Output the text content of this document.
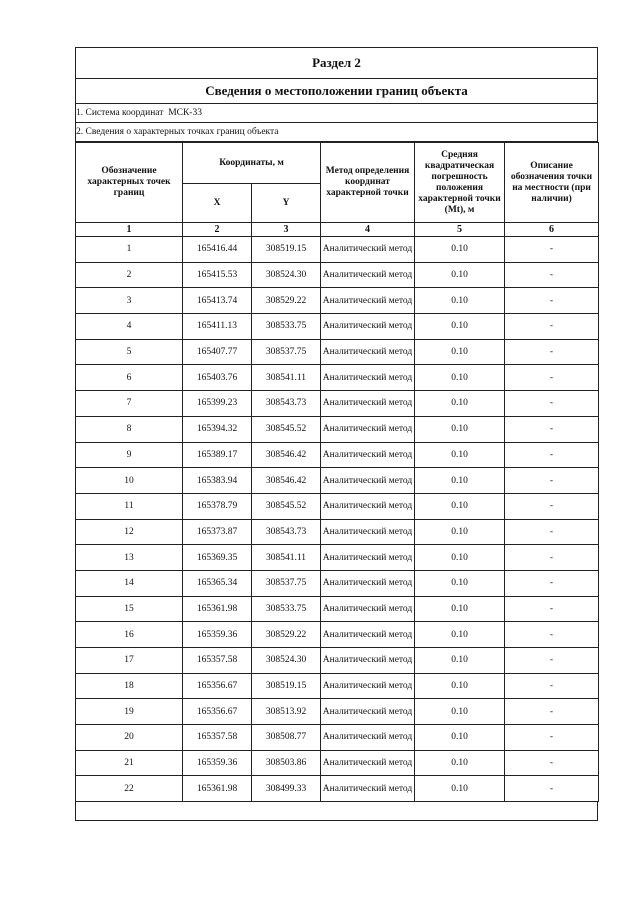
Раздел 2
Сведения о местоположении границ объекта
1. Система координат МСК-33
2. Сведения о характерных точках границ объекта
Обозначение характерных точек границ	Координаты, м		Метод определения координат характерной точки	Средняя квадратическая погрешность положения характерной точки (Mt), м	Описание обозначения точки на местности (при наличии)
	X	Y			
1	2	3	4	5	6
1	165416.44	308519.15	Аналитический метод	0.10	-
2	165415.53	308524.30	Аналитический метод	0.10	-
3	165413.74	308529.22	Аналитический метод	0.10	-
4	165411.13	308533.75	Аналитический метод	0.10	-
5	165407.77	308537.75	Аналитический метод	0.10	-
6	165403.76	308541.11	Аналитический метод	0.10	-
7	165399.23	308543.73	Аналитический метод	0.10	-
8	165394.32	308545.52	Аналитический метод	0.10	-
9	165389.17	308546.42	Аналитический метод	0.10	-
10	165383.94	308546.42	Аналитический метод	0.10	-
11	165378.79	308545.52	Аналитический метод	0.10	-
12	165373.87	308543.73	Аналитический метод	0.10	-
13	165369.35	308541.11	Аналитический метод	0.10	-
14	165365.34	308537.75	Аналитический метод	0.10	-
15	165361.98	308533.75	Аналитический метод	0.10	-
16	165359.36	308529.22	Аналитический метод	0.10	-
17	165357.58	308524.30	Аналитический метод	0.10	-
18	165356.67	308519.15	Аналитический метод	0.10	-
19	165356.67	308513.92	Аналитический метод	0.10	-
20	165357.58	308508.77	Аналитический метод	0.10	-
21	165359.36	308503.86	Аналитический метод	0.10	-
22	165361.98	308499.33	Аналитический метод	0.10	-
